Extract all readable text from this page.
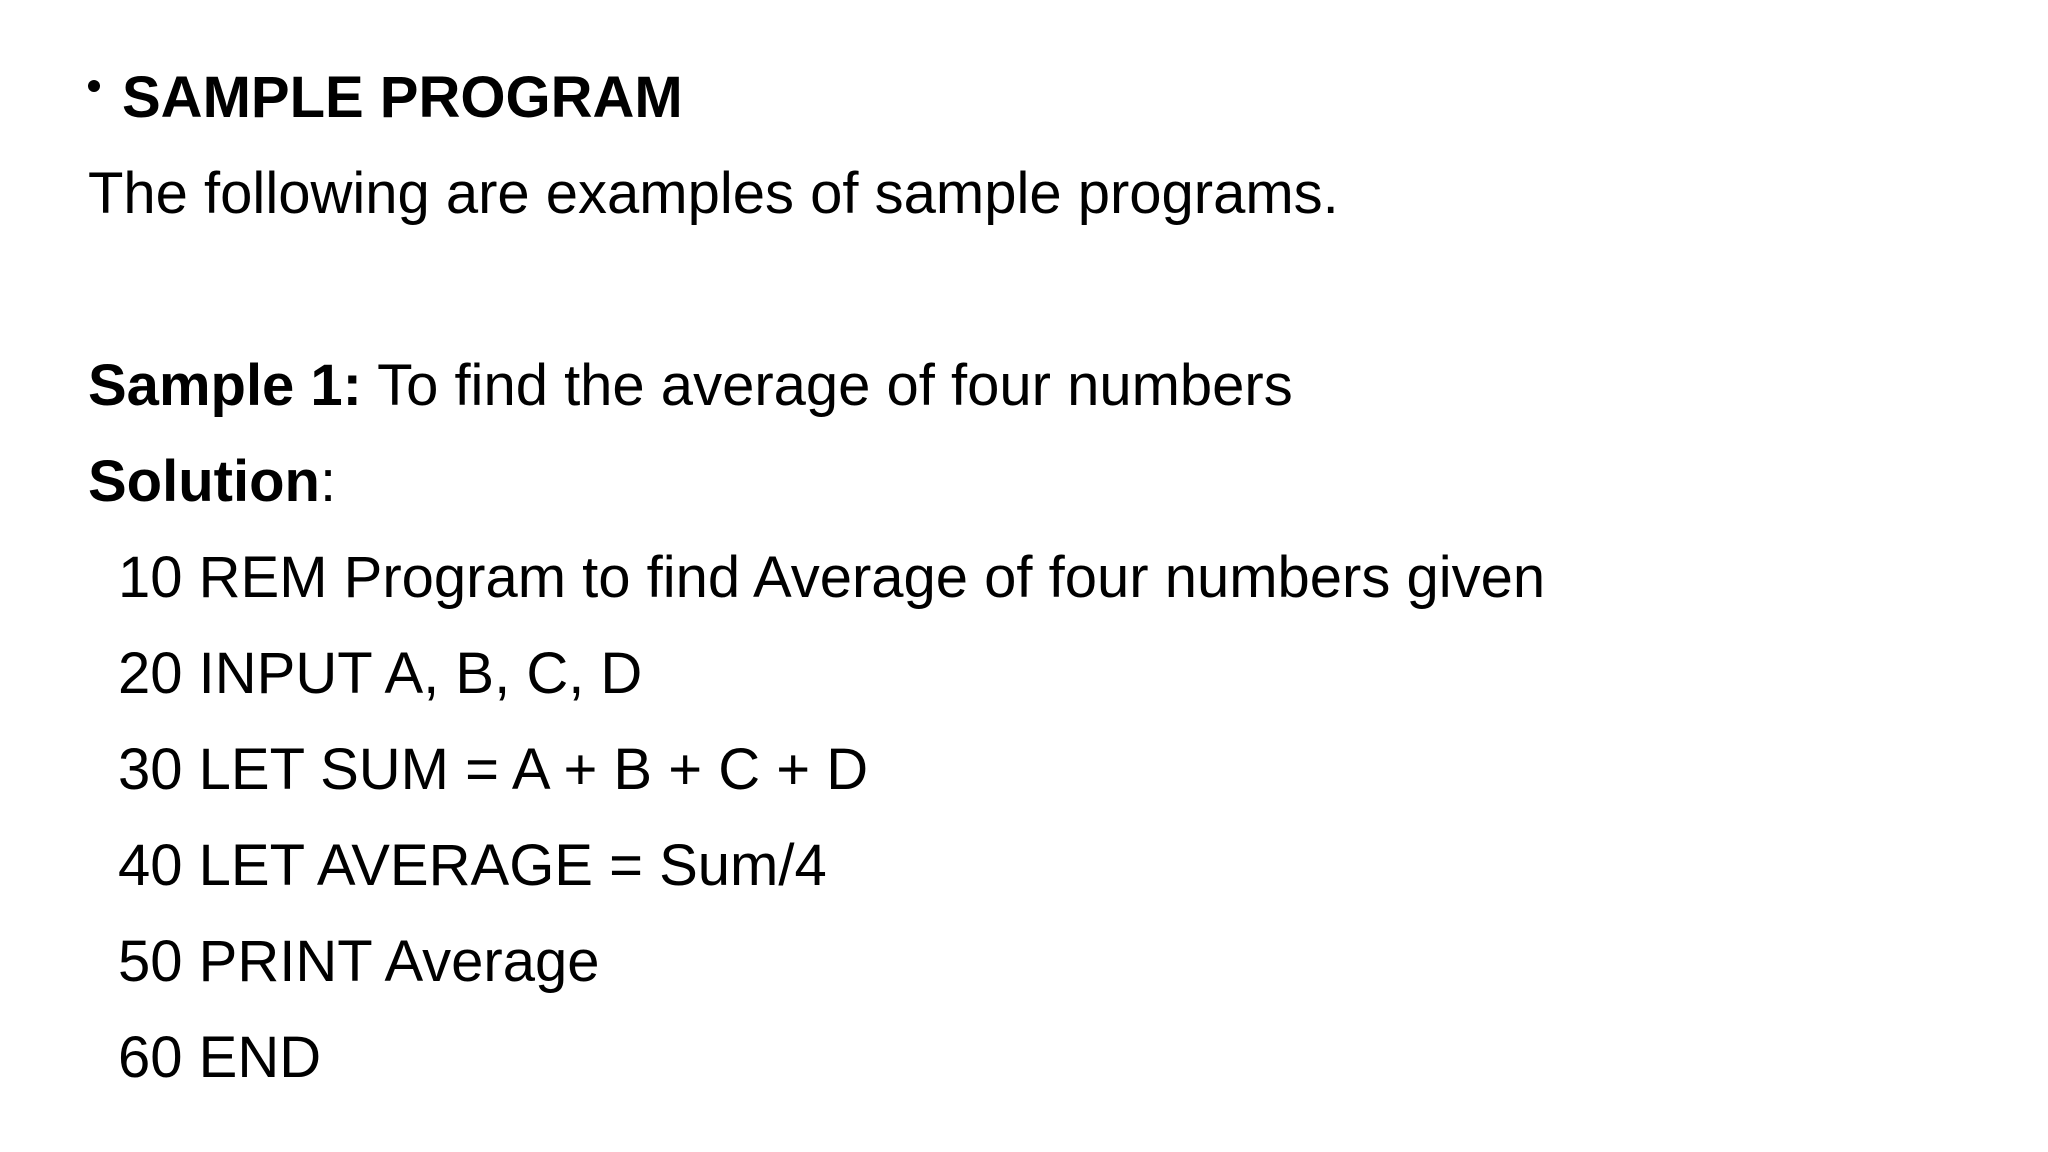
SAMPLE PROGRAM
The following are examples of sample programs.
Sample 1: To find the average of four numbers
Solution:
10 REM Program to find Average of four numbers given
20 INPUT A, B, C, D
30 LET SUM = A + B + C + D
40 LET AVERAGE = Sum/4
50 PRINT Average
60 END
